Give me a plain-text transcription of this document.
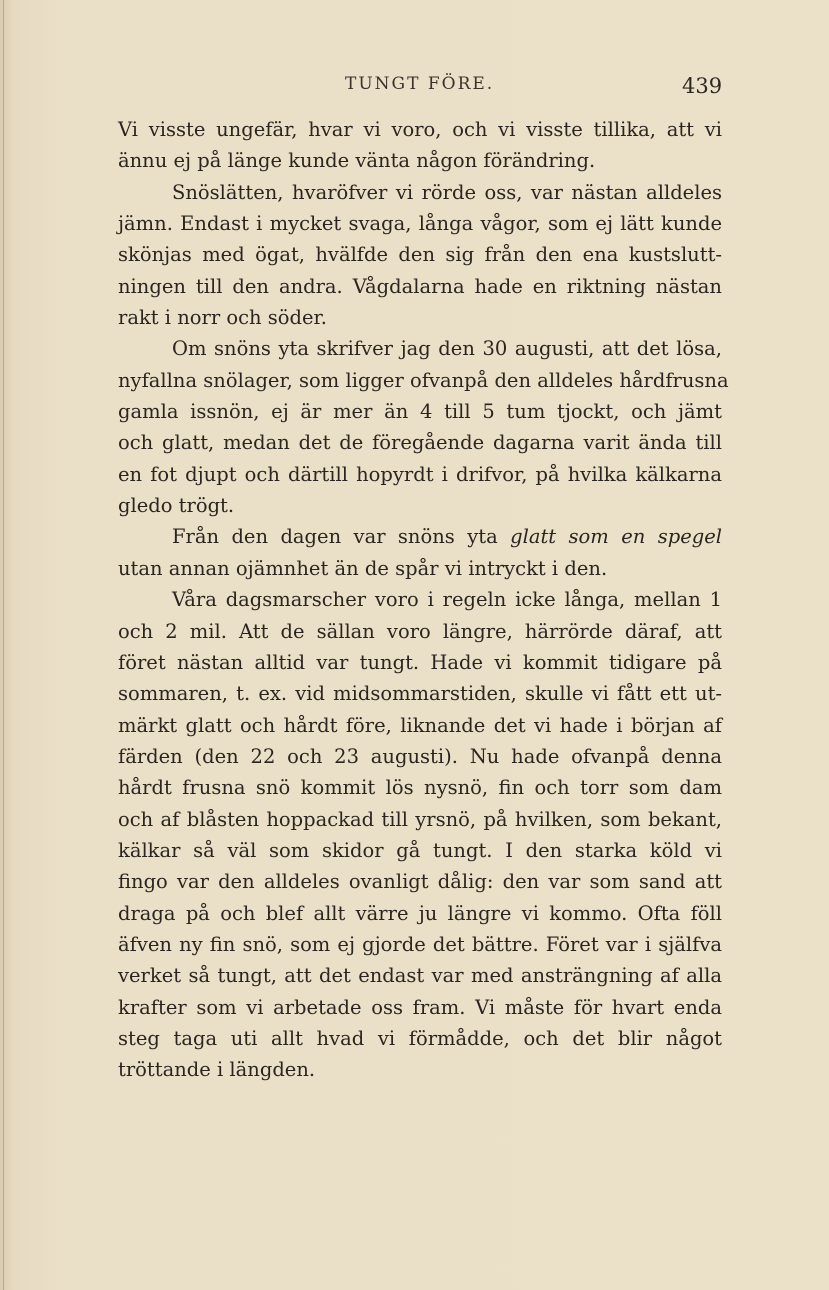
TUNGT FÖRE.	439
Vi visste ungefär, hvar vi voro, och vi visste tillika, att vi
ännu ej på länge kunde vänta någon förändring.
Snöslätten, hvaröfver vi rörde oss, var nästan alldeles
jämn. Endast i mycket svaga, långa vågor, som ej lätt kunde
skönjas med ögat, hvälfde den sig från den ena kustslutt-
ningen till den andra. Vågdalarna hade en riktning nästan
rakt i norr och söder.
Om snöns yta skrifver jag den 30 augusti, att det lösa,
nyfallna snölager, som ligger ofvanpå den alldeles hårdfrusna
gamla issnön, ej är mer än 4 till 5 tum tjockt, och jämt
och glatt, medan det de föregående dagarna varit ända till
en fot djupt och därtill hopyrdt i drifvor, på hvilka kälkarna
gledo trögt.
Från den dagen var snöns yta glatt som en spegel
utan annan ojämnhet än de spår vi intryckt i den.
Våra dagsmarscher voro i regeln icke långa, mellan 1
och 2 mil. Att de sällan voro längre, härrörde däraf, att
föret nästan alltid var tungt. Hade vi kommit tidigare på
sommaren, t. ex. vid midsommarstiden, skulle vi fått ett ut-
märkt glatt och hårdt före, liknande det vi hade i början af
färden (den 22 och 23 augusti). Nu hade ofvanpå denna
hårdt frusna snö kommit lös nysnö, fin och torr som dam
och af blåsten hoppackad till yrsnö, på hvilken, som bekant,
kälkar så väl som skidor gå tungt. I den starka köld vi
fingo var den alldeles ovanligt dålig: den var som sand att
draga på och blef allt värre ju längre vi kommo. Ofta föll
äfven ny fin snö, som ej gjorde det bättre. Föret var i själfva
verket så tungt, att det endast var med ansträngning af alla
krafter som vi arbetade oss fram. Vi måste för hvart enda
steg taga uti allt hvad vi förmådde, och det blir något
tröttande i längden.
